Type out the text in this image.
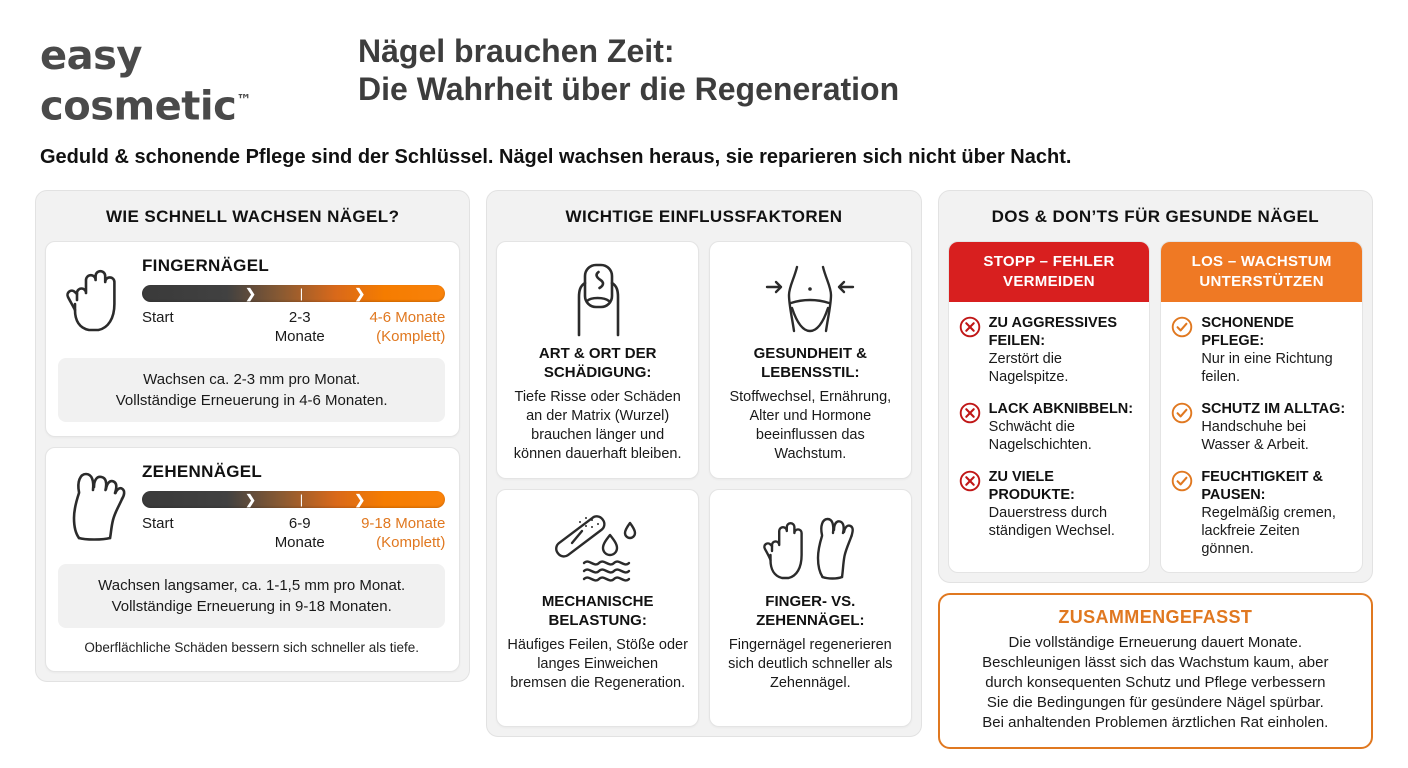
easy
cosmetic™
Nägel brauchen Zeit:
Die Wahrheit über die Regeneration
Geduld & schonende Pflege sind der Schlüssel. Nägel wachsen heraus, sie reparieren sich nicht über Nacht.
WIE SCHNELL WACHSEN NÄGEL?
FINGERNÄGEL
❯	|	❯
Start	2-3
Monate
4-6 Monate
(Komplett)
Wachsen ca. 2-3 mm pro Monat.
Vollständige Erneuerung in 4-6 Monaten.
ZEHENNÄGEL
❯	|	❯
Start	6-9
Monate
9-18 Monate
(Komplett)
Wachsen langsamer, ca. 1-1,5 mm pro Monat.
Vollständige Erneuerung in 9-18 Monaten.
Oberflächliche Schäden bessern sich schneller als tiefe.
WICHTIGE EINFLUSSFAKTOREN
ART & ORT DER
SCHÄDIGUNG:
Tiefe Risse oder Schäden an der Matrix (Wurzel) brauchen länger und können dauerhaft bleiben.
GESUNDHEIT &
LEBENSSTIL:
Stoffwechsel, Ernährung, Alter und Hormone beeinflussen das Wachstum.
MECHANISCHE
BELASTUNG:
Häufiges Feilen, Stöße oder langes Einweichen bremsen die Regeneration.
FINGER- VS.
ZEHENNÄGEL:
Fingernägel regenerieren sich deutlich schneller als Zehennägel.
DOS & DON’TS FÜR GESUNDE NÄGEL
STOPP – FEHLER
VERMEIDEN
ZU AGGRESSIVES
FEILEN:
Zerstört die
Nagelspitze.
LACK ABKNIBBELN:
Schwächt die
Nagelschichten.
ZU VIELE PRODUKTE:
Dauerstress durch
ständigen Wechsel.
LOS – WACHSTUM
UNTERSTÜTZEN
SCHONENDE PFLEGE:
Nur in eine Richtung
feilen.
SCHUTZ IM ALLTAG:
Handschuhe bei
Wasser & Arbeit.
FEUCHTIGKEIT &
PAUSEN:
Regelmäßig cremen,
lackfreie Zeiten gönnen.
ZUSAMMENGEFASST
Die vollständige Erneuerung dauert Monate.
Beschleunigen lässt sich das Wachstum kaum, aber
durch konsequenten Schutz und Pflege verbessern
Sie die Bedingungen für gesündere Nägel spürbar.
Bei anhaltenden Problemen ärztlichen Rat einholen.
